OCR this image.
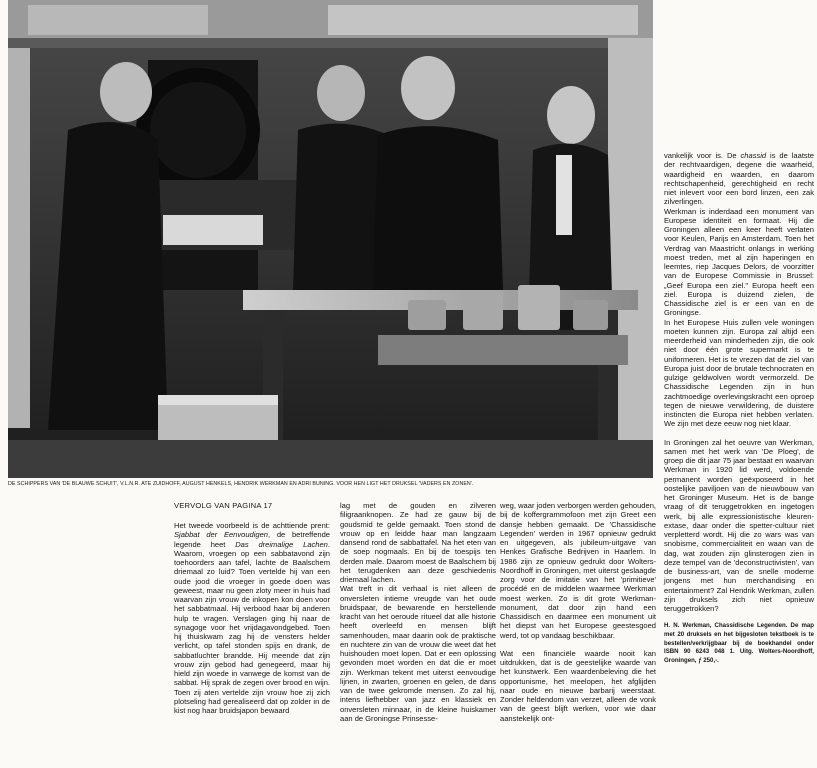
DE SCHIPPERS VAN 'DE BLAUWE SCHUIT', V.L.N.R. ATE ZUIDHOFF, AUGUST HENKELS, HENDRIK WERKMAN EN ADRI BUNING. VOOR HEN LIGT HET DRUKSEL 'VADERS EN ZONEN'.
VERVOLG VAN PAGINA 17

Het tweede voorbeeld is de achttiende prent: Sjabbat der Eenvoudigen, de betreffende legende heet Das dreimalige Lachen. Waarom, vroegen op een sabbatavond zijn toehoorders aan tafel, lachte de Baalschem driemaal zo luid? Toen vertelde hij van een oude jood die vroeger in goede doen was geweest, maar nu geen zloty meer in huis had waarvan zijn vrouw de inkopen kon doen voor het sabbatmaal. Hij verbood haar bij anderen hulp te vragen. Verslagen ging hij naar de synagoge voor het vrijdagavondgebed. Toen hij thuiskwam zag hij de vensters helder verlicht, op tafel stonden spijs en drank, de sabbatluchter brandde. Hij meende dat zijn vrouw zijn gebod had genegeerd, maar hij hield zijn woede in vanwege de komst van de sabbat. Hij sprak de zegen over brood en wijn. Toen zij aten vertelde zijn vrouw hoe zij zich plotseling had gerealiseerd dat op zolder in de kist nog haar bruidsjapon bewaard

lag met de gouden en zilveren filigraanknopen. Ze had ze gauw bij de goudsmid te gelde gemaakt. Toen stond de vrouw op en leidde haar man langzaam dansend rond de sabbattafel. Na het eten van de soep nogmaals. En bij de toespijs ten derden male. Daarom moest de Baalschem bij het terugdenken aan deze geschiedenis driemaal lachen.

Wat treft in dit verhaal is niet alleen de onversleten intieme vreugde van het oude bruidspaar, de bewarende en herstellende kracht van het oeroude ritueel dat alle historie heeft overleefd en mensen blijft samenhouden, maar daarin ook de praktische en nuchtere zin van de vrouw die weet dat het huishouden moet lopen. Dat er een oplossing gevonden moet worden en dat die er moet zijn. Werkman tekent met uiterst eenvoudige lijnen, in zwarten, groenen en gelen, de dans van de twee gekromde mensen. Zo zal hij, intens liefhebber van jazz en klassiek en onversleten minnaar, in de kleine huiskamer aan de Groningse Prinsesse-

weg, waar joden verborgen werden gehouden, bij de koffergrammofoon met zijn Greet een dansje hebben gemaakt. De 'Chassidische Legenden' werden in 1967 opnieuw gedrukt en uitgegeven, als jubileum-uitgave van Henkes Grafische Bedrijven in Haarlem. In 1986 zijn ze opnieuw gedrukt door Wolters-Noordhoff in Groningen, met uiterst geslaagde zorg voor de imitatie van het 'primitieve' procédé en de middelen waarmee Werkman moest werken. Zo is dit grote Werkman-monument, dat door zijn hand een Chassidisch en daarmee een monument uit het diepst van het Europese geestesgoed werd, tot op vandaag beschikbaar.

Wat een financiële waarde nooit kan uitdrukken, dat is de geestelijke waarde van het kunstwerk. Een waardenbeleving die het opportunisme, het meelopen, het afglijden naar oude en nieuwe barbarij weerstaat. Zonder heldendom van verzet, alleen de vonk van de geest blijft werken, voor wie daar aanstekelijk ont-

vankelijk voor is. De chassid is de laatste der rechtvaardigen, degene die waarheid, waardigheid en waarden, en daarom rechtschapenheid, gerechtigheid en recht niet inlevert voor een bord linzen, een zak zilverlingen.

Werkman is inderdaad een monument van Europese identiteit en formaat. Hij die Groningen alleen een keer heeft verlaten voor Keulen, Parijs en Amsterdam. Toen het Verdrag van Maastricht onlangs in werking moest treden, met al zijn haperingen en leemtes, riep Jacques Delors, de voorzitter van de Europese Commissie in Brussel: „Geef Europa een ziel." Europa heeft een ziel. Europa is duizend zielen, de Chassidische ziel is er een van en de Groningse.

In het Europese Huis zullen vele woningen moeten kunnen zijn. Europa zal altijd een meerderheid van minderheden zijn, die ook niet door één grote supermarkt is te uniformeren. Het is te vrezen dat de ziel van Europa juist door de brutale technocraten en gulzige geldwolven wordt vermorzeld. De Chassidische Legenden zijn in hun zachtmoedige overlevingskracht een oproep tegen de nieuwe verwildering, de duistere instincten die Europa niet hebben verlaten. We zijn met deze eeuw nog niet klaar.

In Groningen zal het oeuvre van Werkman, samen met het werk van 'De Ploeg', de groep die dit jaar 75 jaar bestaat en waarvan Werkman in 1920 lid werd, voldoende permanent worden geëxposeerd in het oostelijke paviljoen van de nieuwbouw van het Groninger Museum. Het is de bange vraag of dit teruggetrokken en ingetogen werk, bij alle expressionistische kleuren-extase, daar onder die spetter-cultuur niet verpletterd wordt. Hij die zo wars was van snobisme, commercialiteit en waan van de dag, wat zouden zijn glinsterogen zien in deze tempel van de 'deconstructivisten', van de business-art, van de snelle moderne jongens met hun merchandising en entertainment? Zal Hendrik Werkman, zullen zijn druksels zich niet opnieuw teruggetrokken?

H. N. Werkman, Chassidische Legenden. De map met 20 druksels en het bijgesloten tekstboek is te bestellen/verkrijgbaar bij de boekhandel onder ISBN 90 6243 048 1. Uitg. Wolters-Noordhoff, Groningen, ƒ 250,-.
